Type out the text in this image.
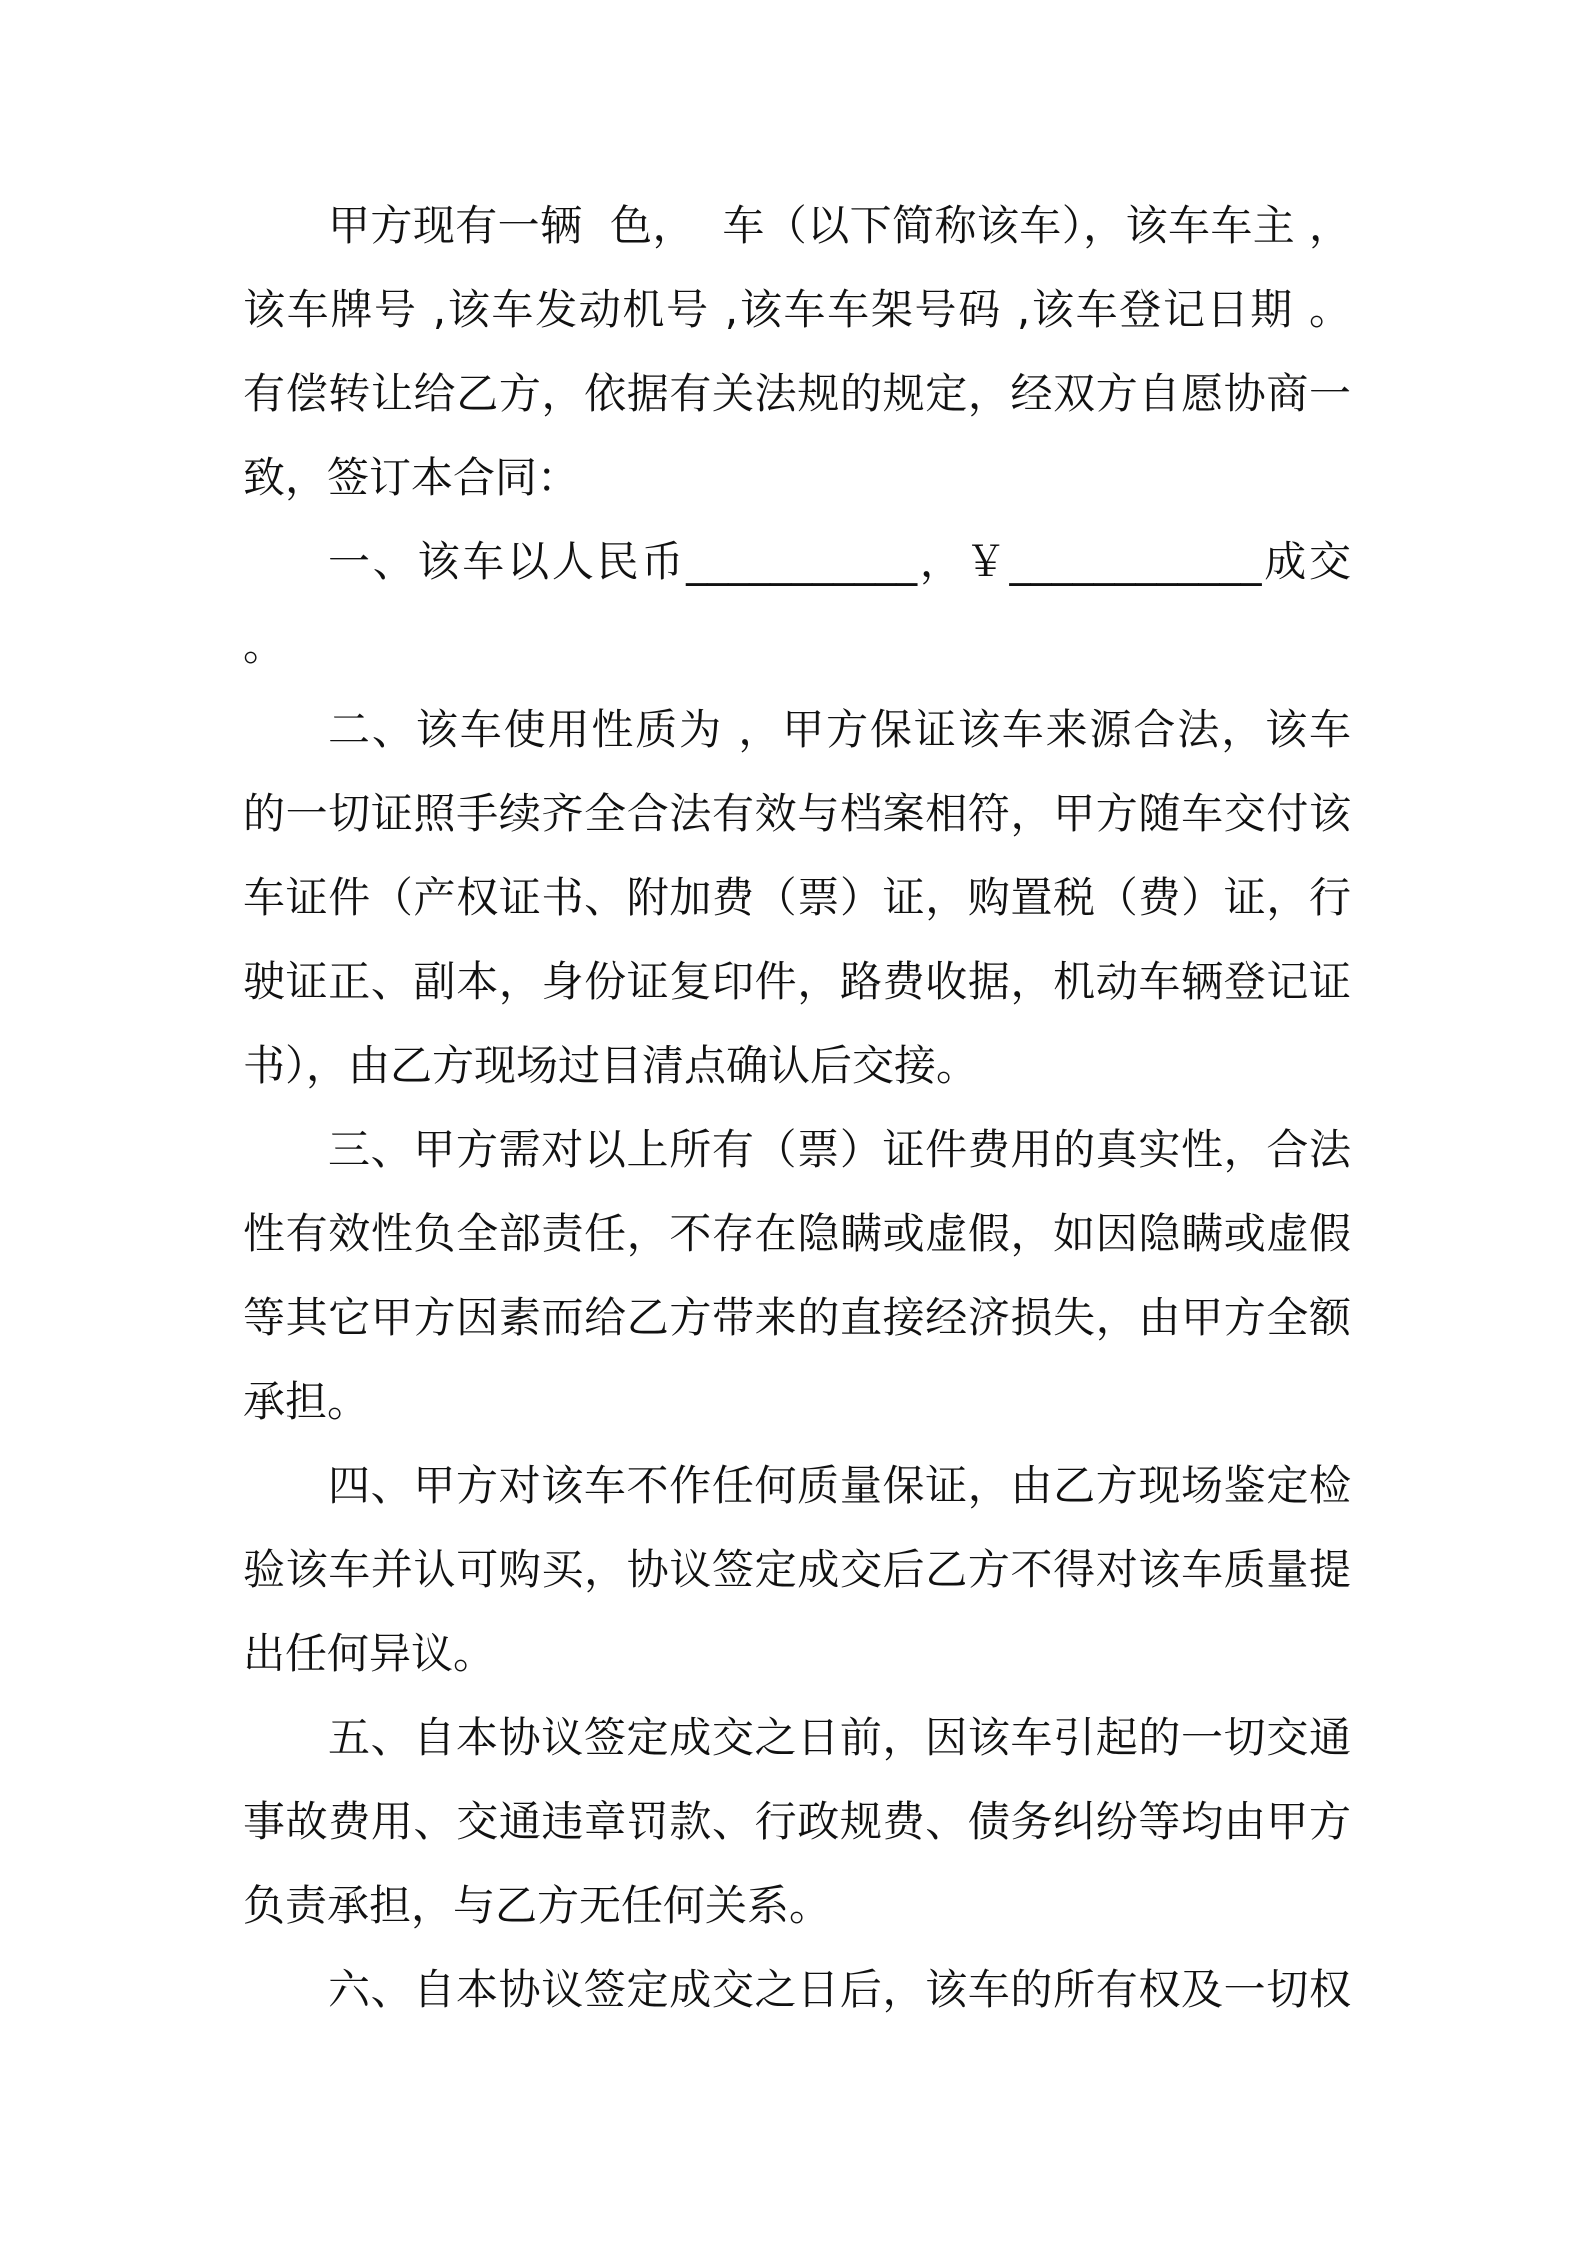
甲方现有一辆  色，  车（以下简称该车），该车车主 ，
该车牌号 ,该车发动机号 ,该车车架号码 ,该车登记日期 。
有偿转让给乙方，依据有关法规的规定，经双方自愿协商一
致，签订本合同：
一、该车以人民币___________，￥____________成交
。
二、该车使用性质为 ，甲方保证该车来源合法，该车
的一切证照手续齐全合法有效与档案相符，甲方随车交付该
车证件（产权证书、附加费（票）证，购置税（费）证，行
驶证正、副本，身份证复印件，路费收据，机动车辆登记证
书），由乙方现场过目清点确认后交接。
三、甲方需对以上所有（票）证件费用的真实性，合法
性有效性负全部责任，不存在隐瞒或虚假，如因隐瞒或虚假
等其它甲方因素而给乙方带来的直接经济损失，由甲方全额
承担。
四、甲方对该车不作任何质量保证，由乙方现场鉴定检
验该车并认可购买，协议签定成交后乙方不得对该车质量提
出任何异议。
五、自本协议签定成交之日前，因该车引起的一切交通
事故费用、交通违章罚款、行政规费、债务纠纷等均由甲方
负责承担，与乙方无任何关系。
六、自本协议签定成交之日后，该车的所有权及一切权
